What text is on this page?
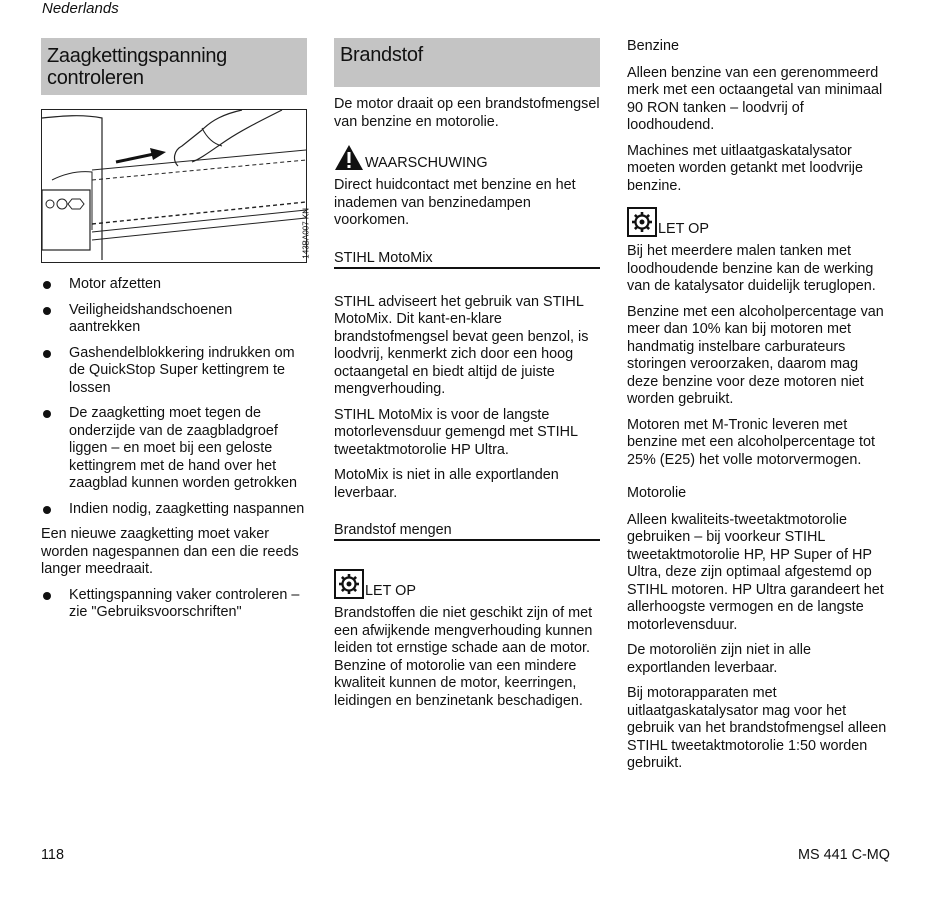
Nederlands
Zaagkettingspanning controleren
143BA007 KN
Motor afzetten
Veiligheidshandschoenen aantrekken
Gashendelblokkering indrukken om de QuickStop Super kettingrem te lossen
De zaagketting moet tegen de onderzijde van de zaagbladgroef liggen – en moet bij een geloste kettingrem met de hand over het zaagblad kunnen worden getrokken
Indien nodig, zaagketting naspannen

Een nieuwe zaagketting moet vaker worden nagespannen dan een die reeds langer meedraait.

Kettingspanning vaker controleren – zie "Gebruiksvoorschriften"
Brandstof

De motor draait op een brandstofmengsel van benzine en motorolie.

WAARSCHUWING

Direct huidcontact met benzine en het inademen van benzinedampen voorkomen.

STIHL MotoMix

STIHL adviseert het gebruik van STIHL MotoMix. Dit kant-en-klare brandstofmengsel bevat geen benzol, is loodvrij, kenmerkt zich door een hoog octaangetal en biedt altijd de juiste mengverhouding.

STIHL MotoMix is voor de langste motorlevensduur gemengd met STIHL tweetaktmotorolie HP Ultra.

MotoMix is niet in alle exportlanden leverbaar.

Brandstof mengen
LET OP

Brandstoffen die niet geschikt zijn of met een afwijkende mengverhouding kunnen leiden tot ernstige schade aan de motor. Benzine of motorolie van een mindere kwaliteit kunnen de motor, keerringen, leidingen en benzinetank beschadigen.

Benzine

Alleen benzine van een gerenommeerd merk met een octaangetal van minimaal 90 RON tanken – loodvrij of loodhoudend.

Machines met uitlaatgaskatalysator moeten worden getankt met loodvrije benzine.

LET OP

Bij het meerdere malen tanken met loodhoudende benzine kan de werking van de katalysator duidelijk teruglopen.

Benzine met een alcoholpercentage van meer dan 10% kan bij motoren met handmatig instelbare carburateurs storingen veroorzaken, daarom mag deze benzine voor deze motoren niet worden gebruikt.

Motoren met M-Tronic leveren met benzine met een alcoholpercentage tot 25% (E25) het volle motorvermogen.

Motorolie

Alleen kwaliteits-tweetaktmotorolie gebruiken – bij voorkeur STIHL tweetaktmotorolie HP, HP Super of HP Ultra, deze zijn optimaal afgestemd op STIHL motoren. HP Ultra garandeert het allerhoogste vermogen en de langste motorlevensduur.

De motoroliën zijn niet in alle exportlanden leverbaar.

Bij motorapparaten met uitlaatgaskatalysator mag voor het gebruik van het brandstofmengsel alleen STIHL tweetaktmotorolie 1:50 worden gebruikt.

118	MS 441 C-MQ
